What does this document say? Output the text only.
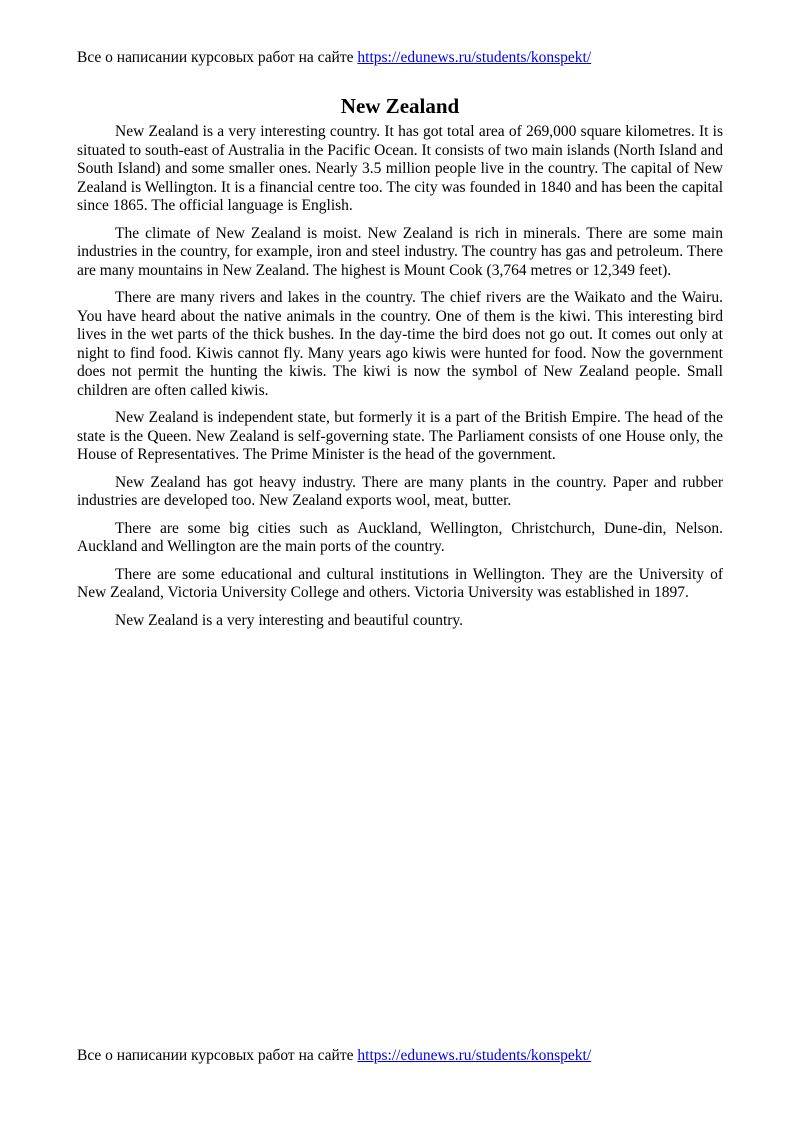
Все о написании курсовых работ на сайте https://edunews.ru/students/konspekt/
New Zealand

New Zealand is a very interesting country. It has got total area of 269,000 square kilometres. It is situated to south-east of Australia in the Pacific Ocean. It consists of two main islands (North Island and South Island) and some smaller ones. Nearly 3.5 million people live in the country. The capital of New Zealand is Wellington. It is a financial centre too. The city was founded in 1840 and has been the capital since 1865. The official language is English.

The climate of New Zealand is moist. New Zealand is rich in minerals. There are some main industries in the country, for example, iron and steel industry. The country has gas and petroleum. There are many mountains in New Zealand. The highest is Mount Cook (3,764 metres or 12,349 feet).

There are many rivers and lakes in the country. The chief rivers are the Waikato and the Wairu. You have heard about the native animals in the country. One of them is the kiwi. This interesting bird lives in the wet parts of the thick bushes. In the day-time the bird does not go out. It comes out only at night to find food. Kiwis cannot fly. Many years ago kiwis were hunted for food. Now the government does not permit the hunting the kiwis. The kiwi is now the symbol of New Zealand people. Small children are often called kiwis.

New Zealand is independent state, but formerly it is a part of the British Empire. The head of the state is the Queen. New Zealand is self-governing state. The Parliament consists of one House only, the House of Representatives. The Prime Minister is the head of the government.

New Zealand has got heavy industry. There are many plants in the country. Paper and rubber industries are developed too. New Zealand exports wool, meat, butter.

There are some big cities such as Auckland, Wellington, Christchurch, Dune-din, Nelson. Auckland and Wellington are the main ports of the country.

There are some educational and cultural institutions in Wellington. They are the University of New Zealand, Victoria University College and others. Victoria University was established in 1897.

New Zealand is a very interesting and beautiful country.

Все о написании курсовых работ на сайте https://edunews.ru/students/konspekt/
